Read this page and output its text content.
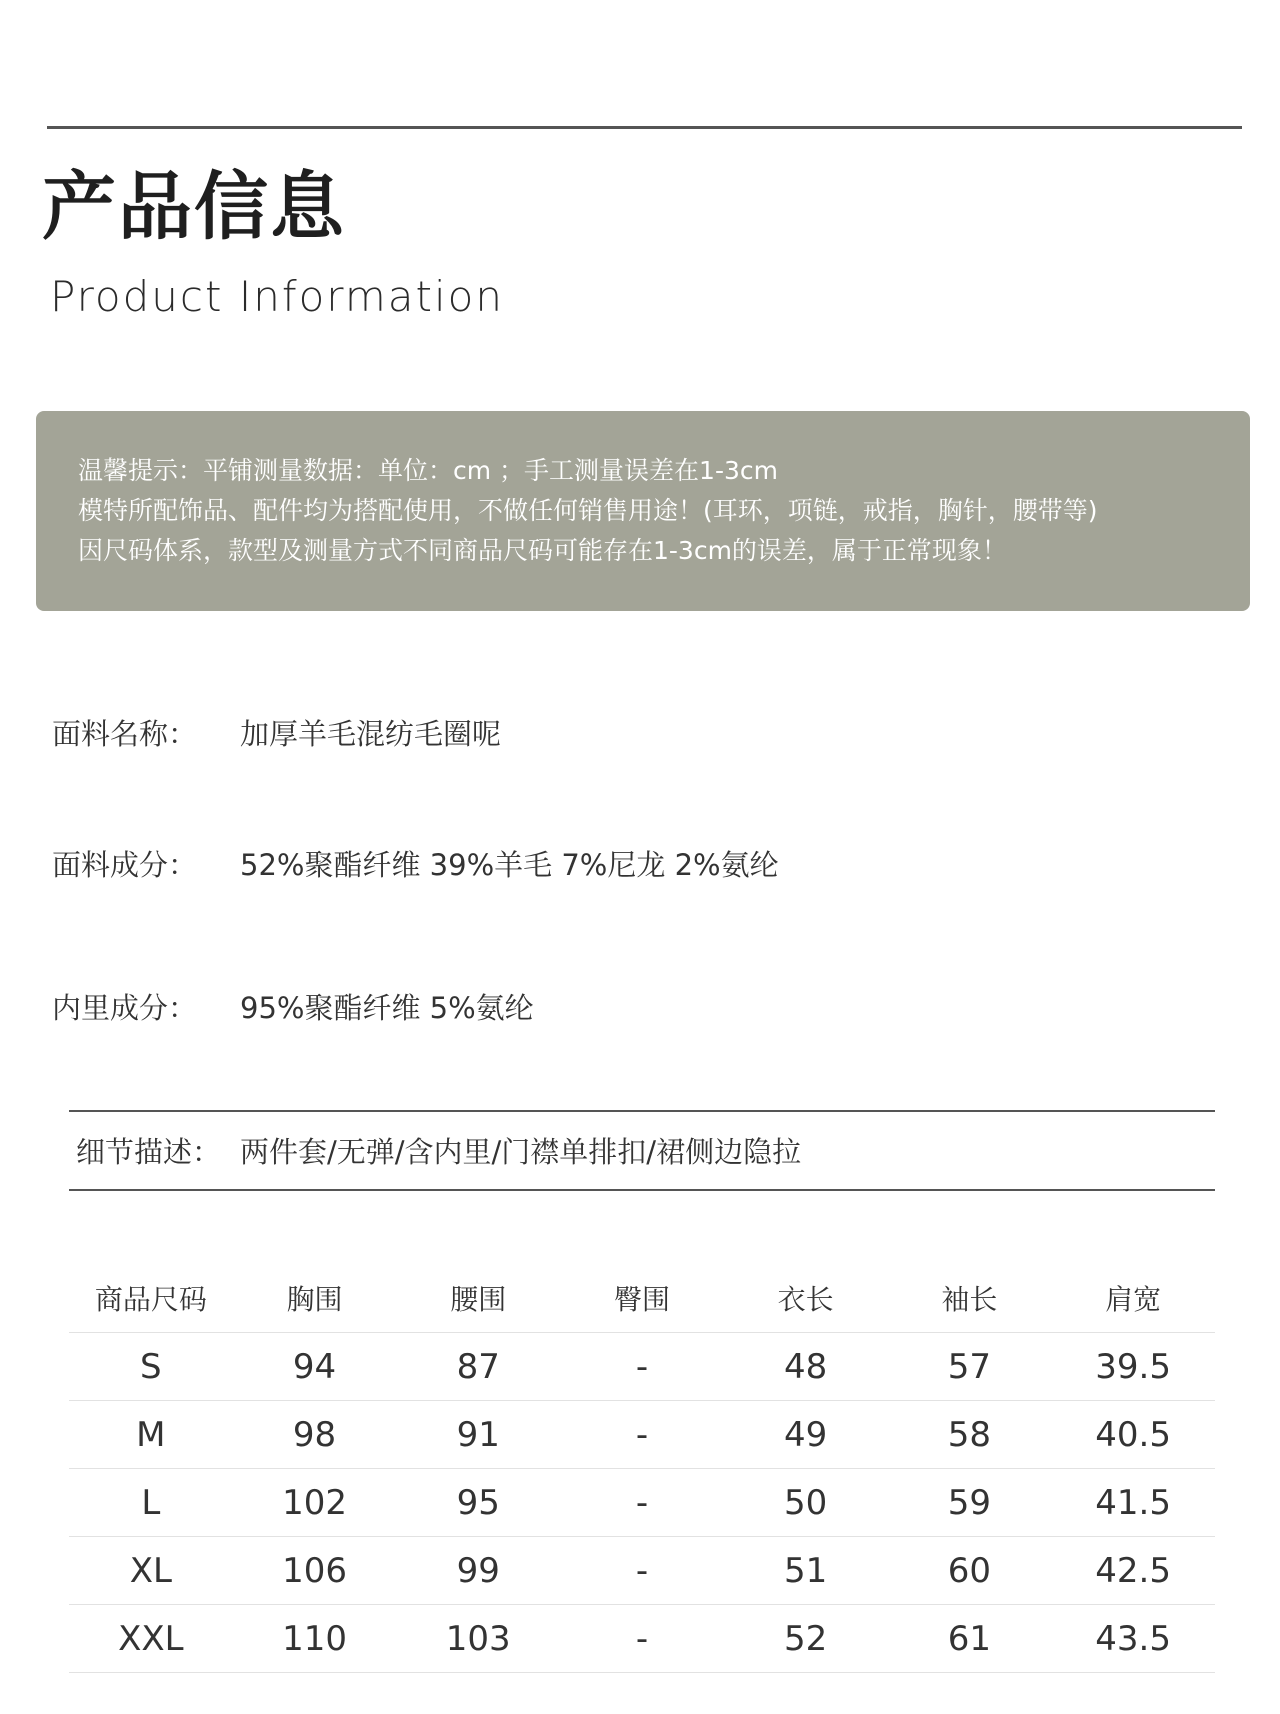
产品信息
Product Information
温馨提示：平铺测量数据：单位：cm ；手工测量误差在1-3cm
模特所配饰品、配件均为搭配使用，不做任何销售用途！(耳环，项链，戒指，胸针，腰带等)
因尺码体系，款型及测量方式不同商品尺码可能存在1-3cm的误差，属于正常现象！
面料名称： 加厚羊毛混纺毛圈呢
面料成分： 52%聚酯纤维 39%羊毛 7%尼龙 2%氨纶
内里成分： 95%聚酯纤维 5%氨纶
细节描述： 两件套/无弹/含内里/门襟单排扣/裙侧边隐拉
商品尺码	胸围	腰围	臀围	衣长	袖长	肩宽
S	94	87	-	48	57	39.5
M	98	91	-	49	58	40.5
L	102	95	-	50	59	41.5
XL	106	99	-	51	60	42.5
XXL	110	103	-	52	61	43.5
